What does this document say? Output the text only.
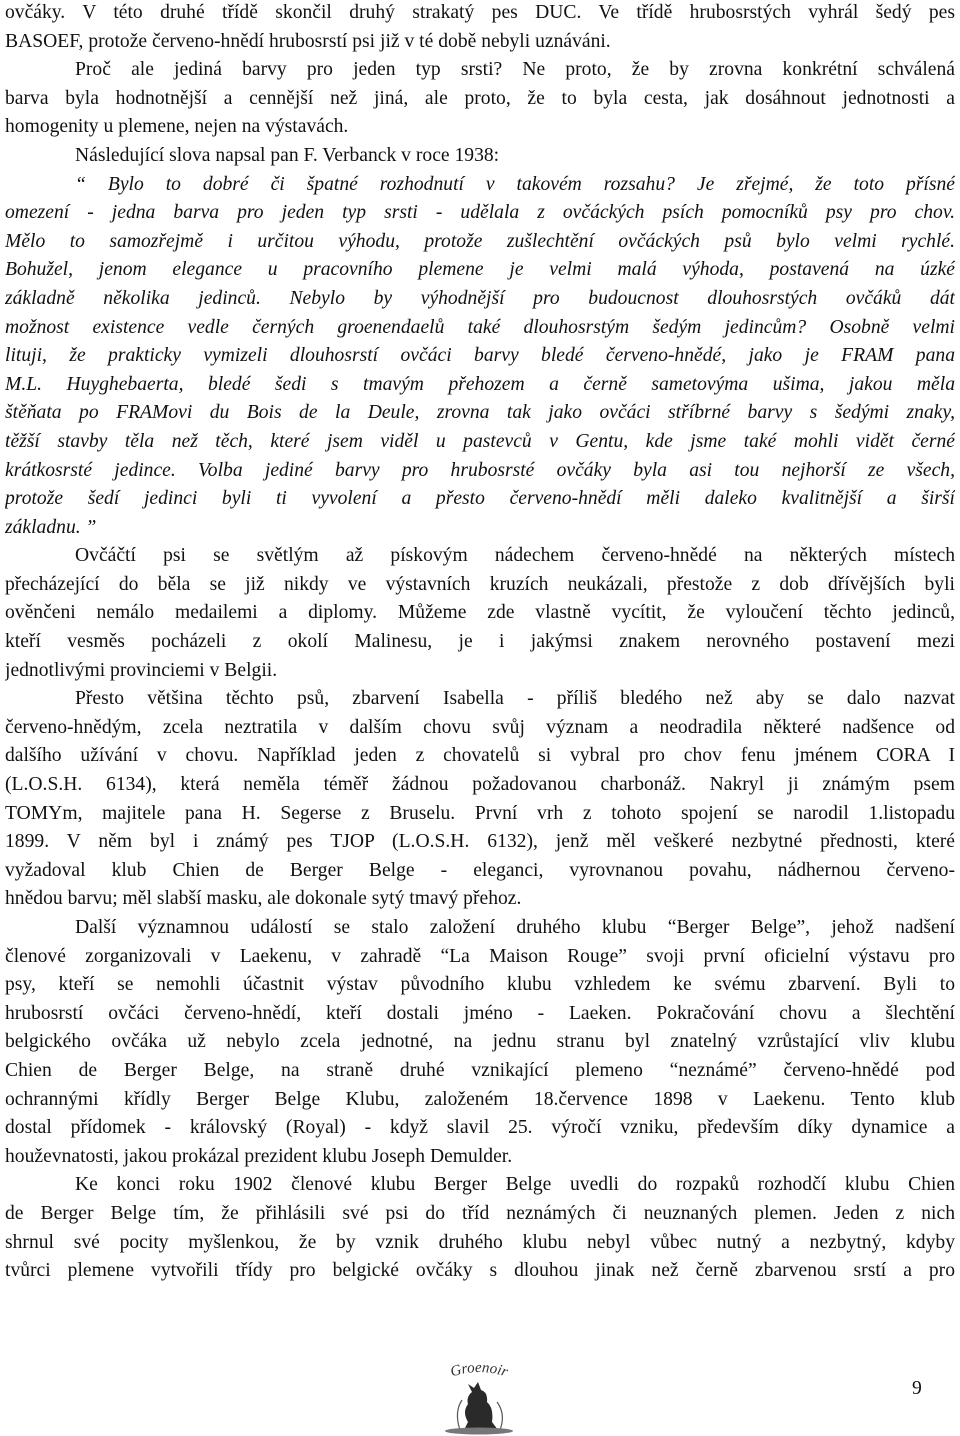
ovčáky. V této druhé třídě skončil druhý strakatý pes DUC. Ve třídě hrubosrstých vyhrál šedý pes
BASOEF, protože červeno-hnědí hrubosrstí psi již v té době nebyli uznáváni.
Proč ale jediná barvy pro jeden typ srsti? Ne proto, že by zrovna konkrétní schválená
barva byla hodnotnější a cennější než jiná, ale proto, že to byla cesta, jak dosáhnout jednotnosti a
homogenity u plemene, nejen na výstavách.
Následující slova napsal pan F. Verbanck v roce 1938:
“ Bylo to dobré či špatné rozhodnutí v takovém rozsahu? Je zřejmé, že toto přísné
omezení - jedna barva pro jeden typ srsti - udělala z ovčáckých psích pomocníků psy pro chov.
Mělo to samozřejmě i určitou výhodu, protože zušlechtění ovčáckých psů bylo velmi rychlé.
Bohužel, jenom elegance u pracovního plemene je velmi malá výhoda, postavená na úzké
základně několika jedinců. Nebylo by výhodnější pro budoucnost dlouhosrstých ovčáků dát
možnost existence vedle černých groenendaelů také dlouhosrstým šedým jedincům? Osobně velmi
lituji, že prakticky vymizeli dlouhosrstí ovčáci barvy bledé červeno-hnědé, jako je FRAM pana
M.L. Huyghebaerta, bledé šedi s tmavým přehozem a černě sametovýma ušima, jakou měla
štěňata po FRAMovi du Bois de la Deule, zrovna tak jako ovčáci stříbrné barvy s šedými znaky,
těžší stavby těla než těch, které jsem viděl u pastevců v Gentu, kde jsme také mohli vidět černé
krátkosrsté jedince. Volba jediné barvy pro hrubosrsté ovčáky byla asi tou nejhorší ze všech,
protože šedí jedinci byli ti vyvolení a přesto červeno-hnědí měli daleko kvalitnější a širší
základnu. ”
Ovčáčtí psi se světlým až pískovým nádechem červeno-hnědé na některých místech
přecházející do běla se již nikdy ve výstavních kruzích neukázali, přestože z dob dřívějších byli
ověnčeni nemálo medailemi a diplomy. Můžeme zde vlastně vycítit, že vyloučení těchto jedinců,
kteří vesměs pocházeli z okolí Malinesu, je i jakýmsi znakem nerovného postavení mezi
jednotlivými provinciemi v Belgii.
Přesto většina těchto psů, zbarvení Isabella - příliš bledého než aby se dalo nazvat
červeno-hnědým, zcela neztratila v dalším chovu svůj význam a neodradila některé nadšence od
dalšího užívání v chovu. Například jeden z chovatelů si vybral pro chov fenu jménem CORA I
(L.O.S.H. 6134), která neměla téměř žádnou požadovanou charbonáž. Nakryl ji známým psem
TOMYm, majitele pana H. Segerse z Bruselu. První vrh z tohoto spojení se narodil 1.listopadu
1899. V něm byl i známý pes TJOP (L.O.S.H. 6132), jenž měl veškeré nezbytné přednosti, které
vyžadoval klub Chien de Berger Belge - eleganci, vyrovnanou povahu, nádhernou červeno-
hnědou barvu; měl slabší masku, ale dokonale sytý tmavý přehoz.
Další významnou událostí se stalo založení druhého klubu “Berger Belge”, jehož nadšení
členové zorganizovali v Laekenu, v zahradě “La Maison Rouge” svoji první oficielní výstavu pro
psy, kteří se nemohli účastnit výstav původního klubu vzhledem ke svému zbarvení. Byli to
hrubosrstí ovčáci červeno-hnědí, kteří dostali jméno - Laeken. Pokračování chovu a šlechtění
belgického ovčáka už nebylo zcela jednotné, na jednu stranu byl znatelný vzrůstající vliv klubu
Chien de Berger Belge, na straně druhé vznikající plemeno “neznámé” červeno-hnědé pod
ochrannými křídly Berger Belge Klubu, založeném 18.července 1898 v Laekenu. Tento klub
dostal přídomek - královský (Royal) - když slavil 25. výročí vzniku, především díky dynamice a
houževnatosti, jakou prokázal prezident klubu Joseph Demulder.
Ke konci roku 1902 členové klubu Berger Belge uvedli do rozpaků rozhodčí klubu Chien
de Berger Belge tím, že přihlásili své psi do tříd neznámých či neuznaných plemen. Jeden z nich
shrnul své pocity myšlenkou, že by vznik druhého klubu nebyl vůbec nutný a nezbytný, kdyby
tvůrci plemene vytvořili třídy pro belgické ovčáky s dlouhou jinak než černě zbarvenou srstí a pro
Groenoir
9
